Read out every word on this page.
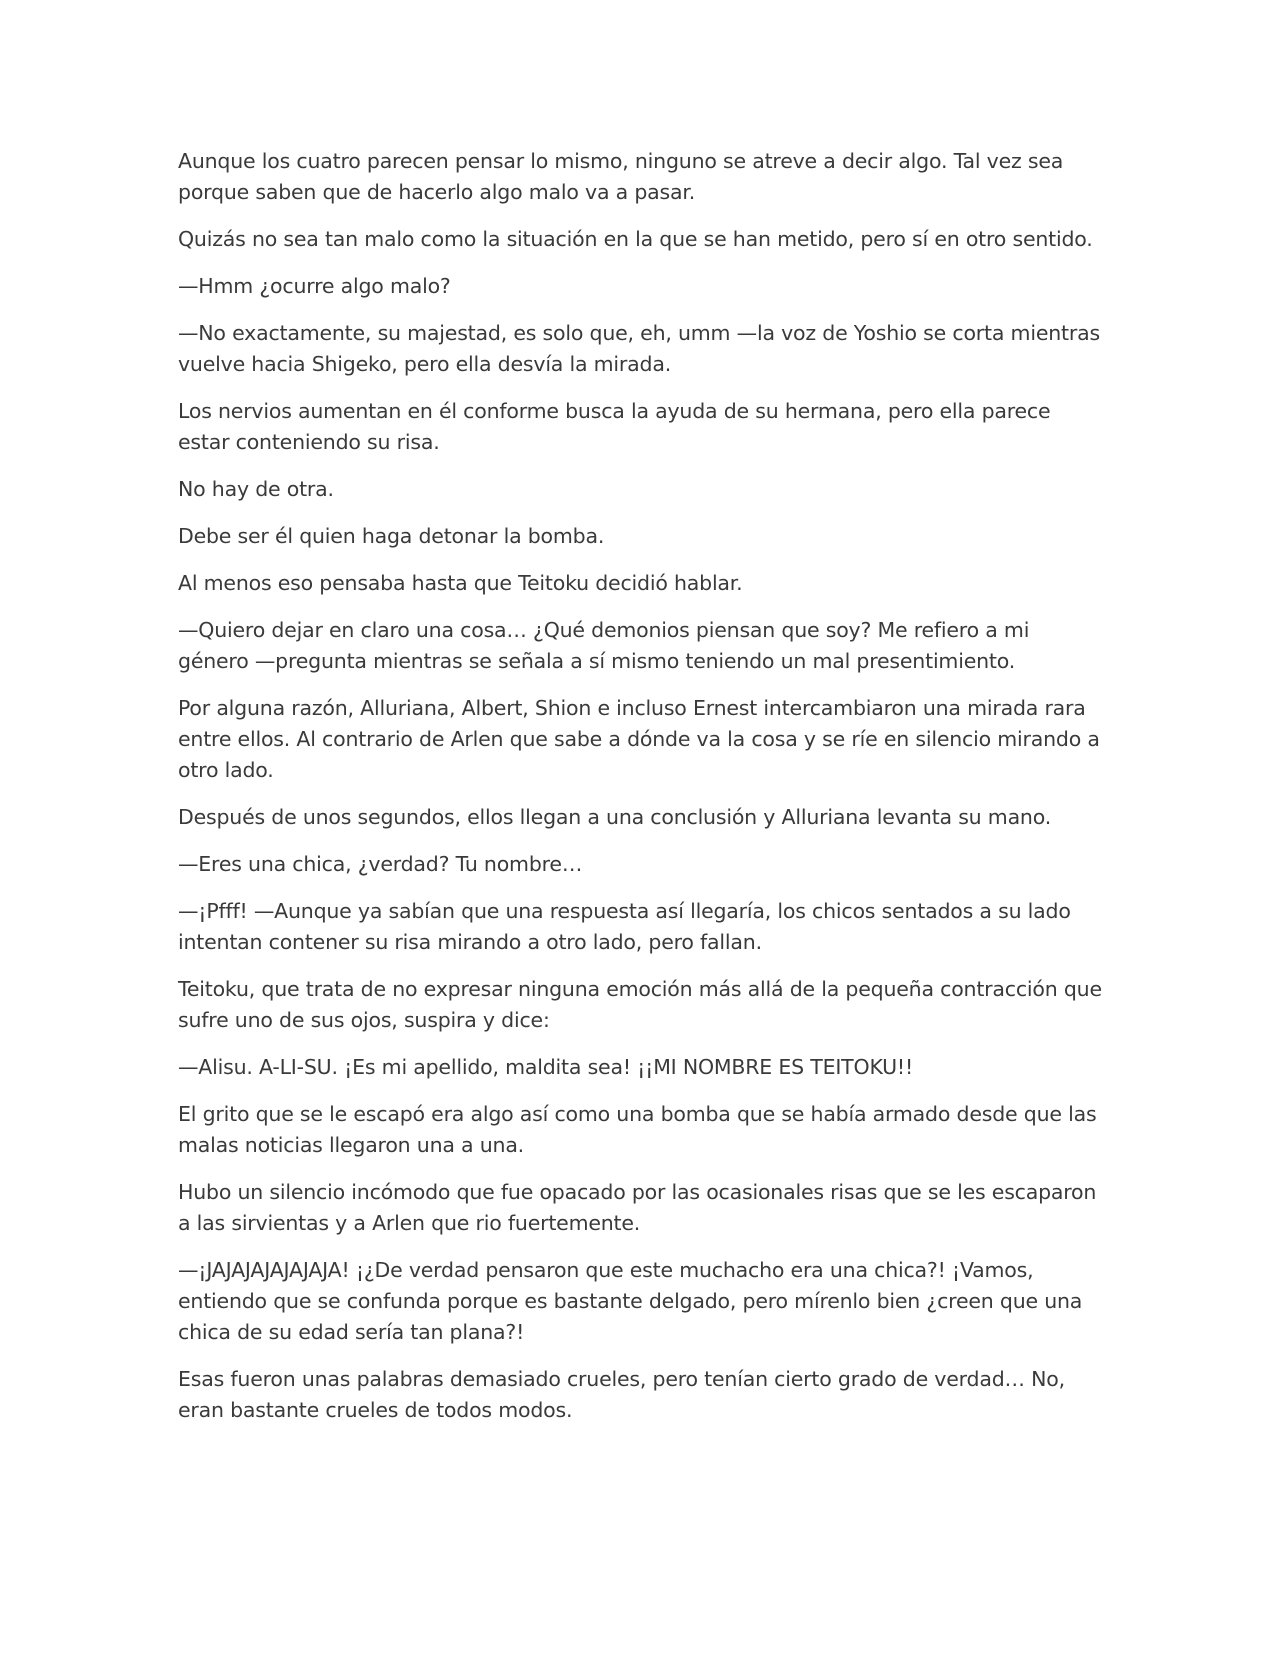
Aunque los cuatro parecen pensar lo mismo, ninguno se atreve a decir algo. Tal vez sea porque saben que de hacerlo algo malo va a pasar.

Quizás no sea tan malo como la situación en la que se han metido, pero sí en otro sentido.

—Hmm ¿ocurre algo malo?

—No exactamente, su majestad, es solo que, eh, umm —la voz de Yoshio se corta mientras vuelve hacia Shigeko, pero ella desvía la mirada.

Los nervios aumentan en él conforme busca la ayuda de su hermana, pero ella parece estar conteniendo su risa.

No hay de otra.

Debe ser él quien haga detonar la bomba.

Al menos eso pensaba hasta que Teitoku decidió hablar.

—Quiero dejar en claro una cosa… ¿Qué demonios piensan que soy? Me refiero a mi género —pregunta mientras se señala a sí mismo teniendo un mal presentimiento.

Por alguna razón, Alluriana, Albert, Shion e incluso Ernest intercambiaron una mirada rara entre ellos. Al contrario de Arlen que sabe a dónde va la cosa y se ríe en silencio mirando a otro lado.

Después de unos segundos, ellos llegan a una conclusión y Alluriana levanta su mano.

—Eres una chica, ¿verdad? Tu nombre…

—¡Pfff! —Aunque ya sabían que una respuesta así llegaría, los chicos sentados a su lado intentan contener su risa mirando a otro lado, pero fallan.

Teitoku, que trata de no expresar ninguna emoción más allá de la pequeña contracción que sufre uno de sus ojos, suspira y dice:

—Alisu. A-LI-SU. ¡Es mi apellido, maldita sea! ¡¡MI NOMBRE ES TEITOKU!!

El grito que se le escapó era algo así como una bomba que se había armado desde que las malas noticias llegaron una a una.

Hubo un silencio incómodo que fue opacado por las ocasionales risas que se les escaparon a las sirvientas y a Arlen que rio fuertemente.

—¡JAJAJAJAJAJAJA! ¡¿De verdad pensaron que este muchacho era una chica?! ¡Vamos, entiendo que se confunda porque es bastante delgado, pero mírenlo bien ¿creen que una chica de su edad sería tan plana?!

Esas fueron unas palabras demasiado crueles, pero tenían cierto grado de verdad… No, eran bastante crueles de todos modos.
